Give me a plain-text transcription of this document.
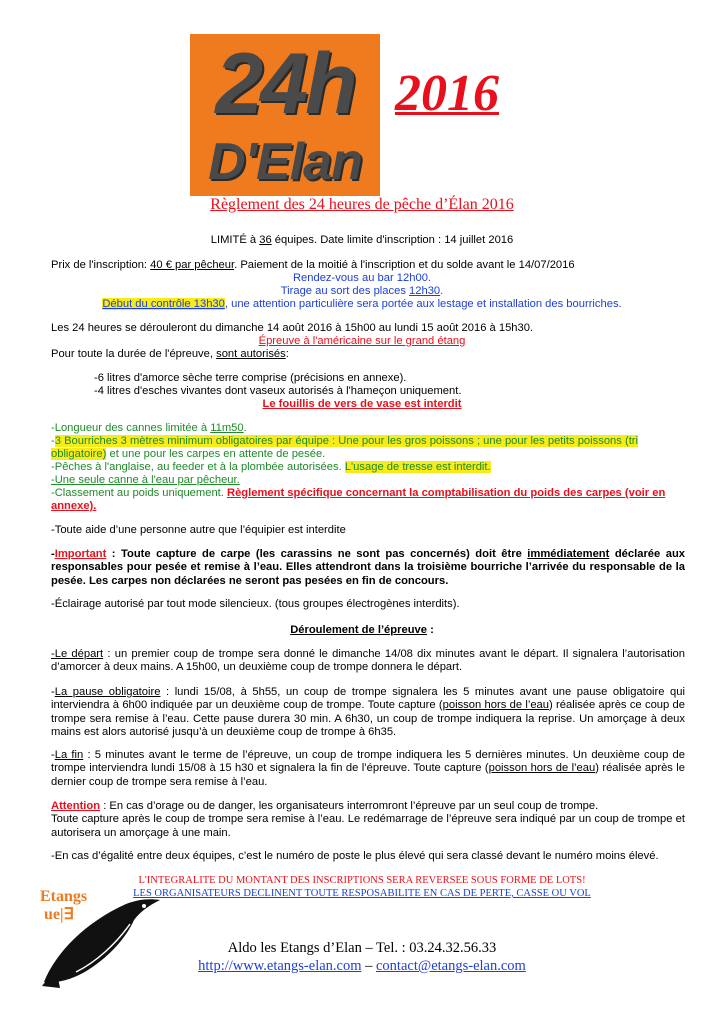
24h
D'Elan
2016
Règlement des 24 heures de pêche d’Élan 2016
LIMITÉ à 36 équipes. Date limite d'inscription : 14 juillet 2016
Prix de l'inscription: 40 € par pêcheur. Paiement de la moitié à l'inscription et du solde avant le 14/07/2016
Rendez-vous au bar 12h00.
Tirage au sort des places 12h30.
Début du contrôle 13h30, une attention particulière sera portée aux lestage et installation des bourriches.
Les 24 heures se dérouleront du dimanche 14 août 2016 à 15h00 au lundi 15 août 2016 à 15h30.
Épreuve à l'américaine sur le grand étang
Pour toute la durée de l'épreuve, sont autorisés:
-6 litres d'amorce sèche terre comprise (précisions en annexe).
-4 litres d'esches vivantes dont vaseux autorisés à l'hameçon uniquement.
Le fouillis de vers de vase est interdit
-Longueur des cannes limitée à 11m50.
-3 Bourriches 3 mètres minimum obligatoires par équipe : Une pour les gros poissons ; une pour les petits poissons (tri
obligatoire) et une pour les carpes en attente de pesée.
-Pêches à l'anglaise, au feeder et à la plombée autorisées. L'usage de tresse est interdit.
-Une seule canne à l'eau par pêcheur.
-Classement au poids uniquement. Règlement spécifique concernant la comptabilisation du poids des carpes (voir en
annexe).
-Toute aide d’une personne autre que l’équipier est interdite
-Important : Toute capture de carpe (les carassins ne sont pas concernés) doit être immédiatement déclarée aux
responsables pour pesée et remise à l’eau. Elles attendront dans la troisième bourriche l’arrivée du responsable de la
pesée. Les carpes non déclarées ne seront pas pesées en fin de concours.
-Éclairage autorisé par tout mode silencieux. (tous groupes électrogènes interdits).
Déroulement de l’épreuve :
-Le départ : un premier coup de trompe sera donné le dimanche 14/08 dix minutes avant le départ. Il signalera l’autorisation
d’amorcer à deux mains. A 15h00, un deuxième coup de trompe donnera le départ.
-La pause obligatoire : lundi 15/08, à 5h55, un coup de trompe signalera les 5 minutes avant une pause obligatoire qui
interviendra à 6h00 indiquée par un deuxième coup de trompe. Toute capture (poisson hors de l’eau) réalisée après ce coup de
trompe sera remise à l’eau. Cette pause durera 30 min. A 6h30, un coup de trompe indiquera la reprise. Un amorçage à deux
mains est alors autorisé jusqu’à un deuxième coup de trompe à 6h35.
-La fin : 5 minutes avant le terme de l’épreuve, un coup de trompe indiquera les 5 dernières minutes. Un deuxième coup de
trompe interviendra lundi 15/08 à 15 h30 et signalera la fin de l’épreuve. Toute capture (poisson hors de l’eau) réalisée après le
dernier coup de trompe sera remise à l’eau.
Attention : En cas d’orage ou de danger, les organisateurs interromront l’épreuve par un seul coup de trompe.
Toute capture après le coup de trompe sera remise à l’eau. Le redémarrage de l’épreuve sera indiqué par un coup de trompe et
autorisera un amorçage à une main.
-En cas d’égalité entre deux équipes, c’est le numéro de poste le plus élevé qui sera classé devant le numéro moins élevé.
L'INTEGRALITE DU MONTANT DES INSCRIPTIONS SERA REVERSEE SOUS FORME DE LOTS!
LES ORGANISATEURS DECLINENT TOUTE RESPOSABILITE EN CAS DE PERTE, CASSE OU VOL
Etangs
ue|∃
Aldo les Etangs d’Elan – Tel. : 03.24.32.56.33
http://www.etangs-elan.com – contact@etangs-elan.com
